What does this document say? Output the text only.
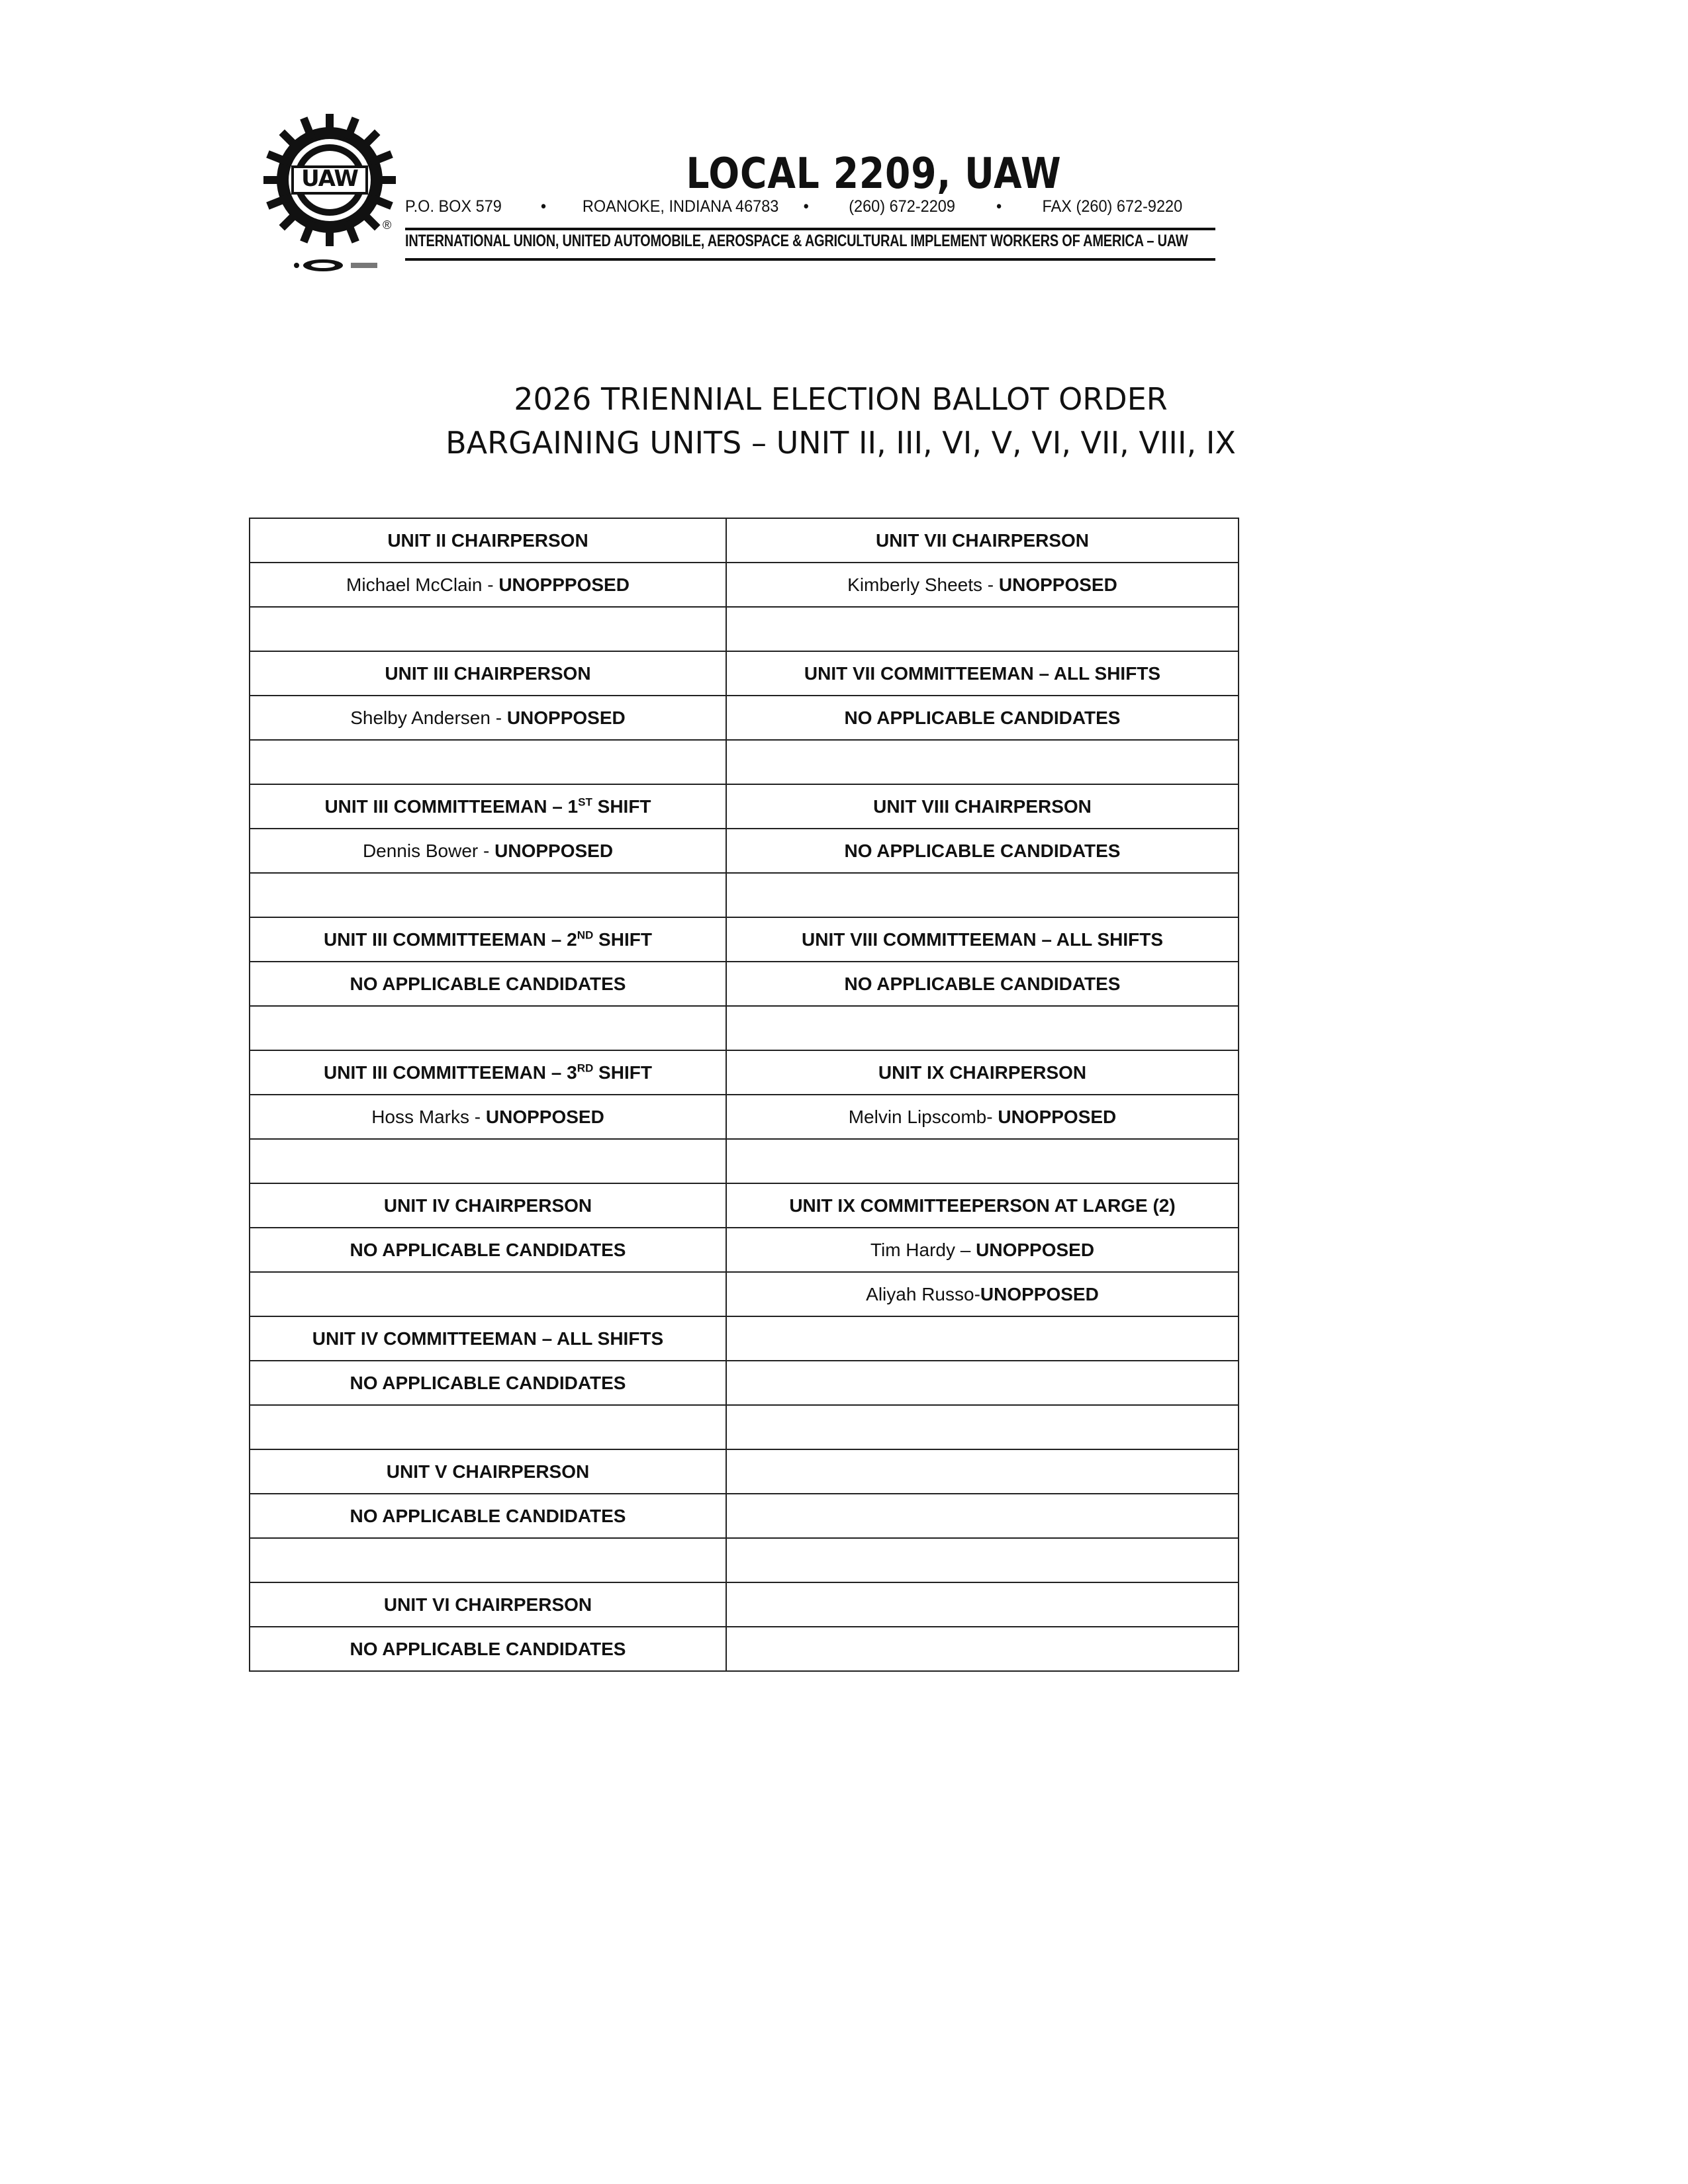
UAW
®
LOCAL 2209, UAW
P.O. BOX 579 • ROANOKE, INDIANA 46783 • (260) 672-2209 • FAX (260) 672-9220
INTERNATIONAL UNION, UNITED AUTOMOBILE, AEROSPACE & AGRICULTURAL IMPLEMENT WORKERS OF AMERICA – UAW
2026 TRIENNIAL ELECTION BALLOT ORDER
BARGAINING UNITS – UNIT II, III, VI, V, VI, VII, VIII, IX
UNIT II CHAIRPERSON	UNIT VII CHAIRPERSON
Michael McClain - UNOPPPOSED	Kimberly Sheets - UNOPPOSED

UNIT III CHAIRPERSON	UNIT VII COMMITTEEMAN – ALL SHIFTS
Shelby Andersen - UNOPPOSED	NO APPLICABLE CANDIDATES

UNIT III COMMITTEEMAN – 1ST SHIFT	UNIT VIII CHAIRPERSON
Dennis Bower - UNOPPOSED	NO APPLICABLE CANDIDATES

UNIT III COMMITTEEMAN – 2ND SHIFT	UNIT VIII COMMITTEEMAN – ALL SHIFTS
NO APPLICABLE CANDIDATES	NO APPLICABLE CANDIDATES

UNIT III COMMITTEEMAN – 3RD SHIFT	UNIT IX CHAIRPERSON
Hoss Marks - UNOPPOSED	Melvin Lipscomb- UNOPPOSED

UNIT IV CHAIRPERSON	UNIT IX COMMITTEEPERSON AT LARGE (2)
NO APPLICABLE CANDIDATES	Tim Hardy – UNOPPOSED
	Aliyah Russo-UNOPPOSED
UNIT IV COMMITTEEMAN – ALL SHIFTS	
NO APPLICABLE CANDIDATES	

UNIT V CHAIRPERSON	
NO APPLICABLE CANDIDATES	

UNIT VI CHAIRPERSON	
NO APPLICABLE CANDIDATES	
